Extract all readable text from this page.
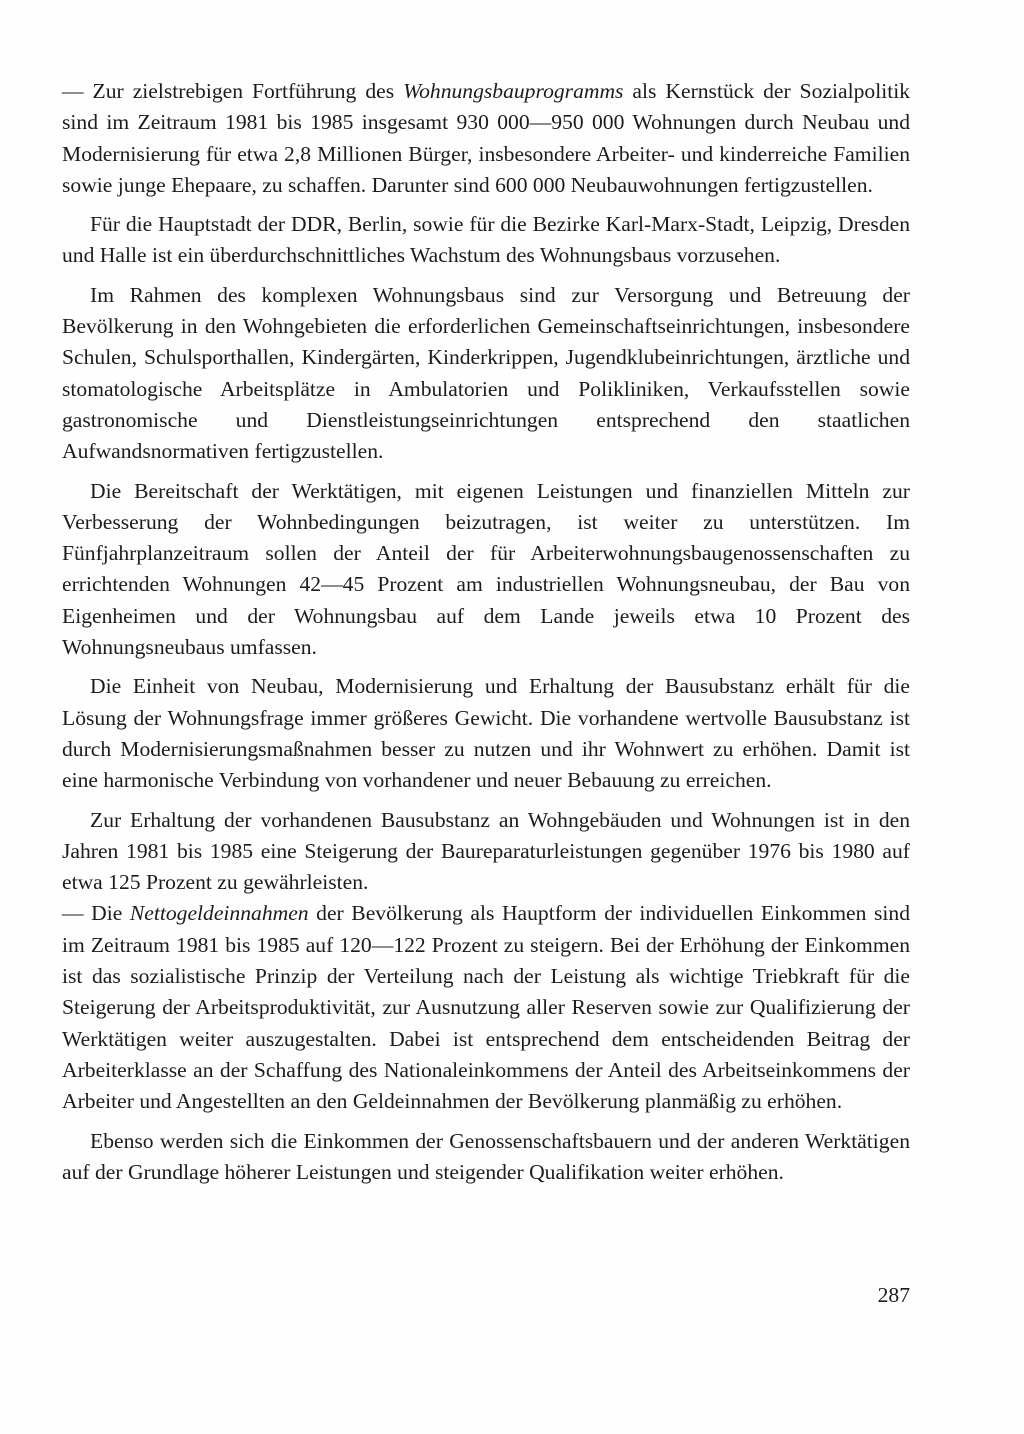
— Zur zielstrebigen Fortführung des Wohnungsbauprogramms als Kernstück der Sozialpolitik sind im Zeitraum 1981 bis 1985 insgesamt 930 000—950 000 Wohnungen durch Neubau und Modernisierung für etwa 2,8 Millionen Bürger, insbesondere Arbeiter- und kinderreiche Familien sowie junge Ehepaare, zu schaffen. Darunter sind 600 000 Neubauwohnungen fertigzustellen.

Für die Hauptstadt der DDR, Berlin, sowie für die Bezirke Karl-Marx-Stadt, Leipzig, Dresden und Halle ist ein überdurchschnittliches Wachstum des Wohnungsbaus vorzusehen.

Im Rahmen des komplexen Wohnungsbaus sind zur Versorgung und Betreuung der Bevölkerung in den Wohngebieten die erforderlichen Gemeinschaftseinrichtungen, insbesondere Schulen, Schulsporthallen, Kindergärten, Kinderkrippen, Jugendklubeinrichtungen, ärztliche und stomatologische Arbeitsplätze in Ambulatorien und Polikliniken, Verkaufsstellen sowie gastronomische und Dienstleistungseinrichtungen entsprechend den staatlichen Aufwandsnormativen fertigzustellen.

Die Bereitschaft der Werktätigen, mit eigenen Leistungen und finanziellen Mitteln zur Verbesserung der Wohnbedingungen beizutragen, ist weiter zu unterstützen. Im Fünfjahrplanzeitraum sollen der Anteil der für Arbeiterwohnungsbaugenossenschaften zu errichtenden Wohnungen 42—45 Prozent am industriellen Wohnungsneubau, der Bau von Eigenheimen und der Wohnungsbau auf dem Lande jeweils etwa 10 Prozent des Wohnungsneubaus umfassen.

Die Einheit von Neubau, Modernisierung und Erhaltung der Bausubstanz erhält für die Lösung der Wohnungsfrage immer größeres Gewicht. Die vorhandene wertvolle Bausubstanz ist durch Modernisierungsmaßnahmen besser zu nutzen und ihr Wohnwert zu erhöhen. Damit ist eine harmonische Verbindung von vorhandener und neuer Bebauung zu erreichen.

Zur Erhaltung der vorhandenen Bausubstanz an Wohngebäuden und Wohnungen ist in den Jahren 1981 bis 1985 eine Steigerung der Baureparaturleistungen gegenüber 1976 bis 1980 auf etwa 125 Prozent zu gewährleisten.

— Die Nettogeldeinnahmen der Bevölkerung als Hauptform der individuellen Einkommen sind im Zeitraum 1981 bis 1985 auf 120—122 Prozent zu steigern. Bei der Erhöhung der Einkommen ist das sozialistische Prinzip der Verteilung nach der Leistung als wichtige Triebkraft für die Steigerung der Arbeitsproduktivität, zur Ausnutzung aller Reserven sowie zur Qualifizierung der Werktätigen weiter auszugestalten. Dabei ist entsprechend dem entscheidenden Beitrag der Arbeiterklasse an der Schaffung des Nationaleinkommens der Anteil des Arbeitseinkommens der Arbeiter und Angestellten an den Geldeinnahmen der Bevölkerung planmäßig zu erhöhen.

Ebenso werden sich die Einkommen der Genossenschaftsbauern und der anderen Werktätigen auf der Grundlage höherer Leistungen und steigender Qualifikation weiter erhöhen.

287
